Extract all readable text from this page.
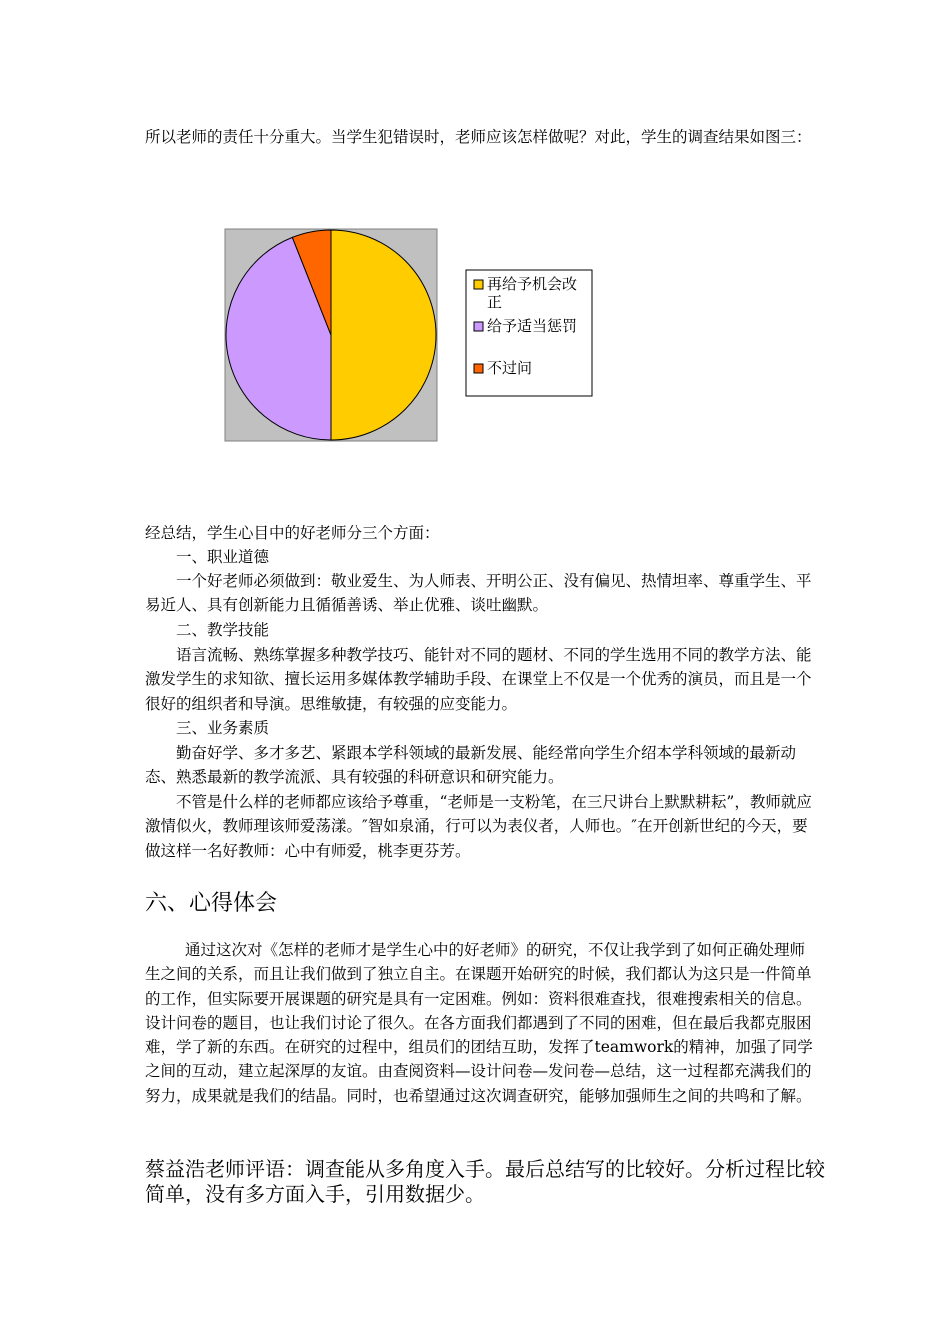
所以老师的责任十分重大。当学生犯错误时，老师应该怎样做呢？对此，学生的调查结果如图三：

再给予机会改正
给予适当惩罚
不过问

经总结，学生心目中的好老师分三个方面：

一、职业道德

一个好老师必须做到：敬业爱生、为人师表、开明公正、没有偏见、热情坦率、尊重学生、平易近人、具有创新能力且循循善诱、举止优雅、谈吐幽默。

二、教学技能

语言流畅、熟练掌握多种教学技巧、能针对不同的题材、不同的学生选用不同的教学方法、能激发学生的求知欲、擅长运用多媒体教学辅助手段、在课堂上不仅是一个优秀的演员，而且是一个很好的组织者和导演。思维敏捷，有较强的应变能力。

三、业务素质

勤奋好学、多才多艺、紧跟本学科领域的最新发展、能经常向学生介绍本学科领域的最新动态、熟悉最新的教学流派、具有较强的科研意识和研究能力。

不管是什么样的老师都应该给予尊重，“老师是一支粉笔，在三尺讲台上默默耕耘”，教师就应激情似火，教师理该师爱荡漾。″智如泉涌，行可以为表仪者，人师也。″在开创新世纪的今天，要做这样一名好教师：心中有师爱，桃李更芬芳。

六、心得体会

通过这次对《怎样的老师才是学生心中的好老师》的研究，不仅让我学到了如何正确处理师生之间的关系，而且让我们做到了独立自主。在课题开始研究的时候，我们都认为这只是一件简单的工作，但实际要开展课题的研究是具有一定困难。例如：资料很难查找，很难搜索相关的信息。设计问卷的题目，也让我们讨论了很久。在各方面我们都遇到了不同的困难，但在最后我都克服困难，学了新的东西。在研究的过程中，组员们的团结互助，发挥了teamwork的精神，加强了同学之间的互动，建立起深厚的友谊。由查阅资料—设计问卷—发问卷—总结，这一过程都充满我们的努力，成果就是我们的结晶。同时，也希望通过这次调查研究，能够加强师生之间的共鸣和了解。

蔡益浩老师评语：调查能从多角度入手。最后总结写的比较好。分析过程比较简单，没有多方面入手，引用数据少。
